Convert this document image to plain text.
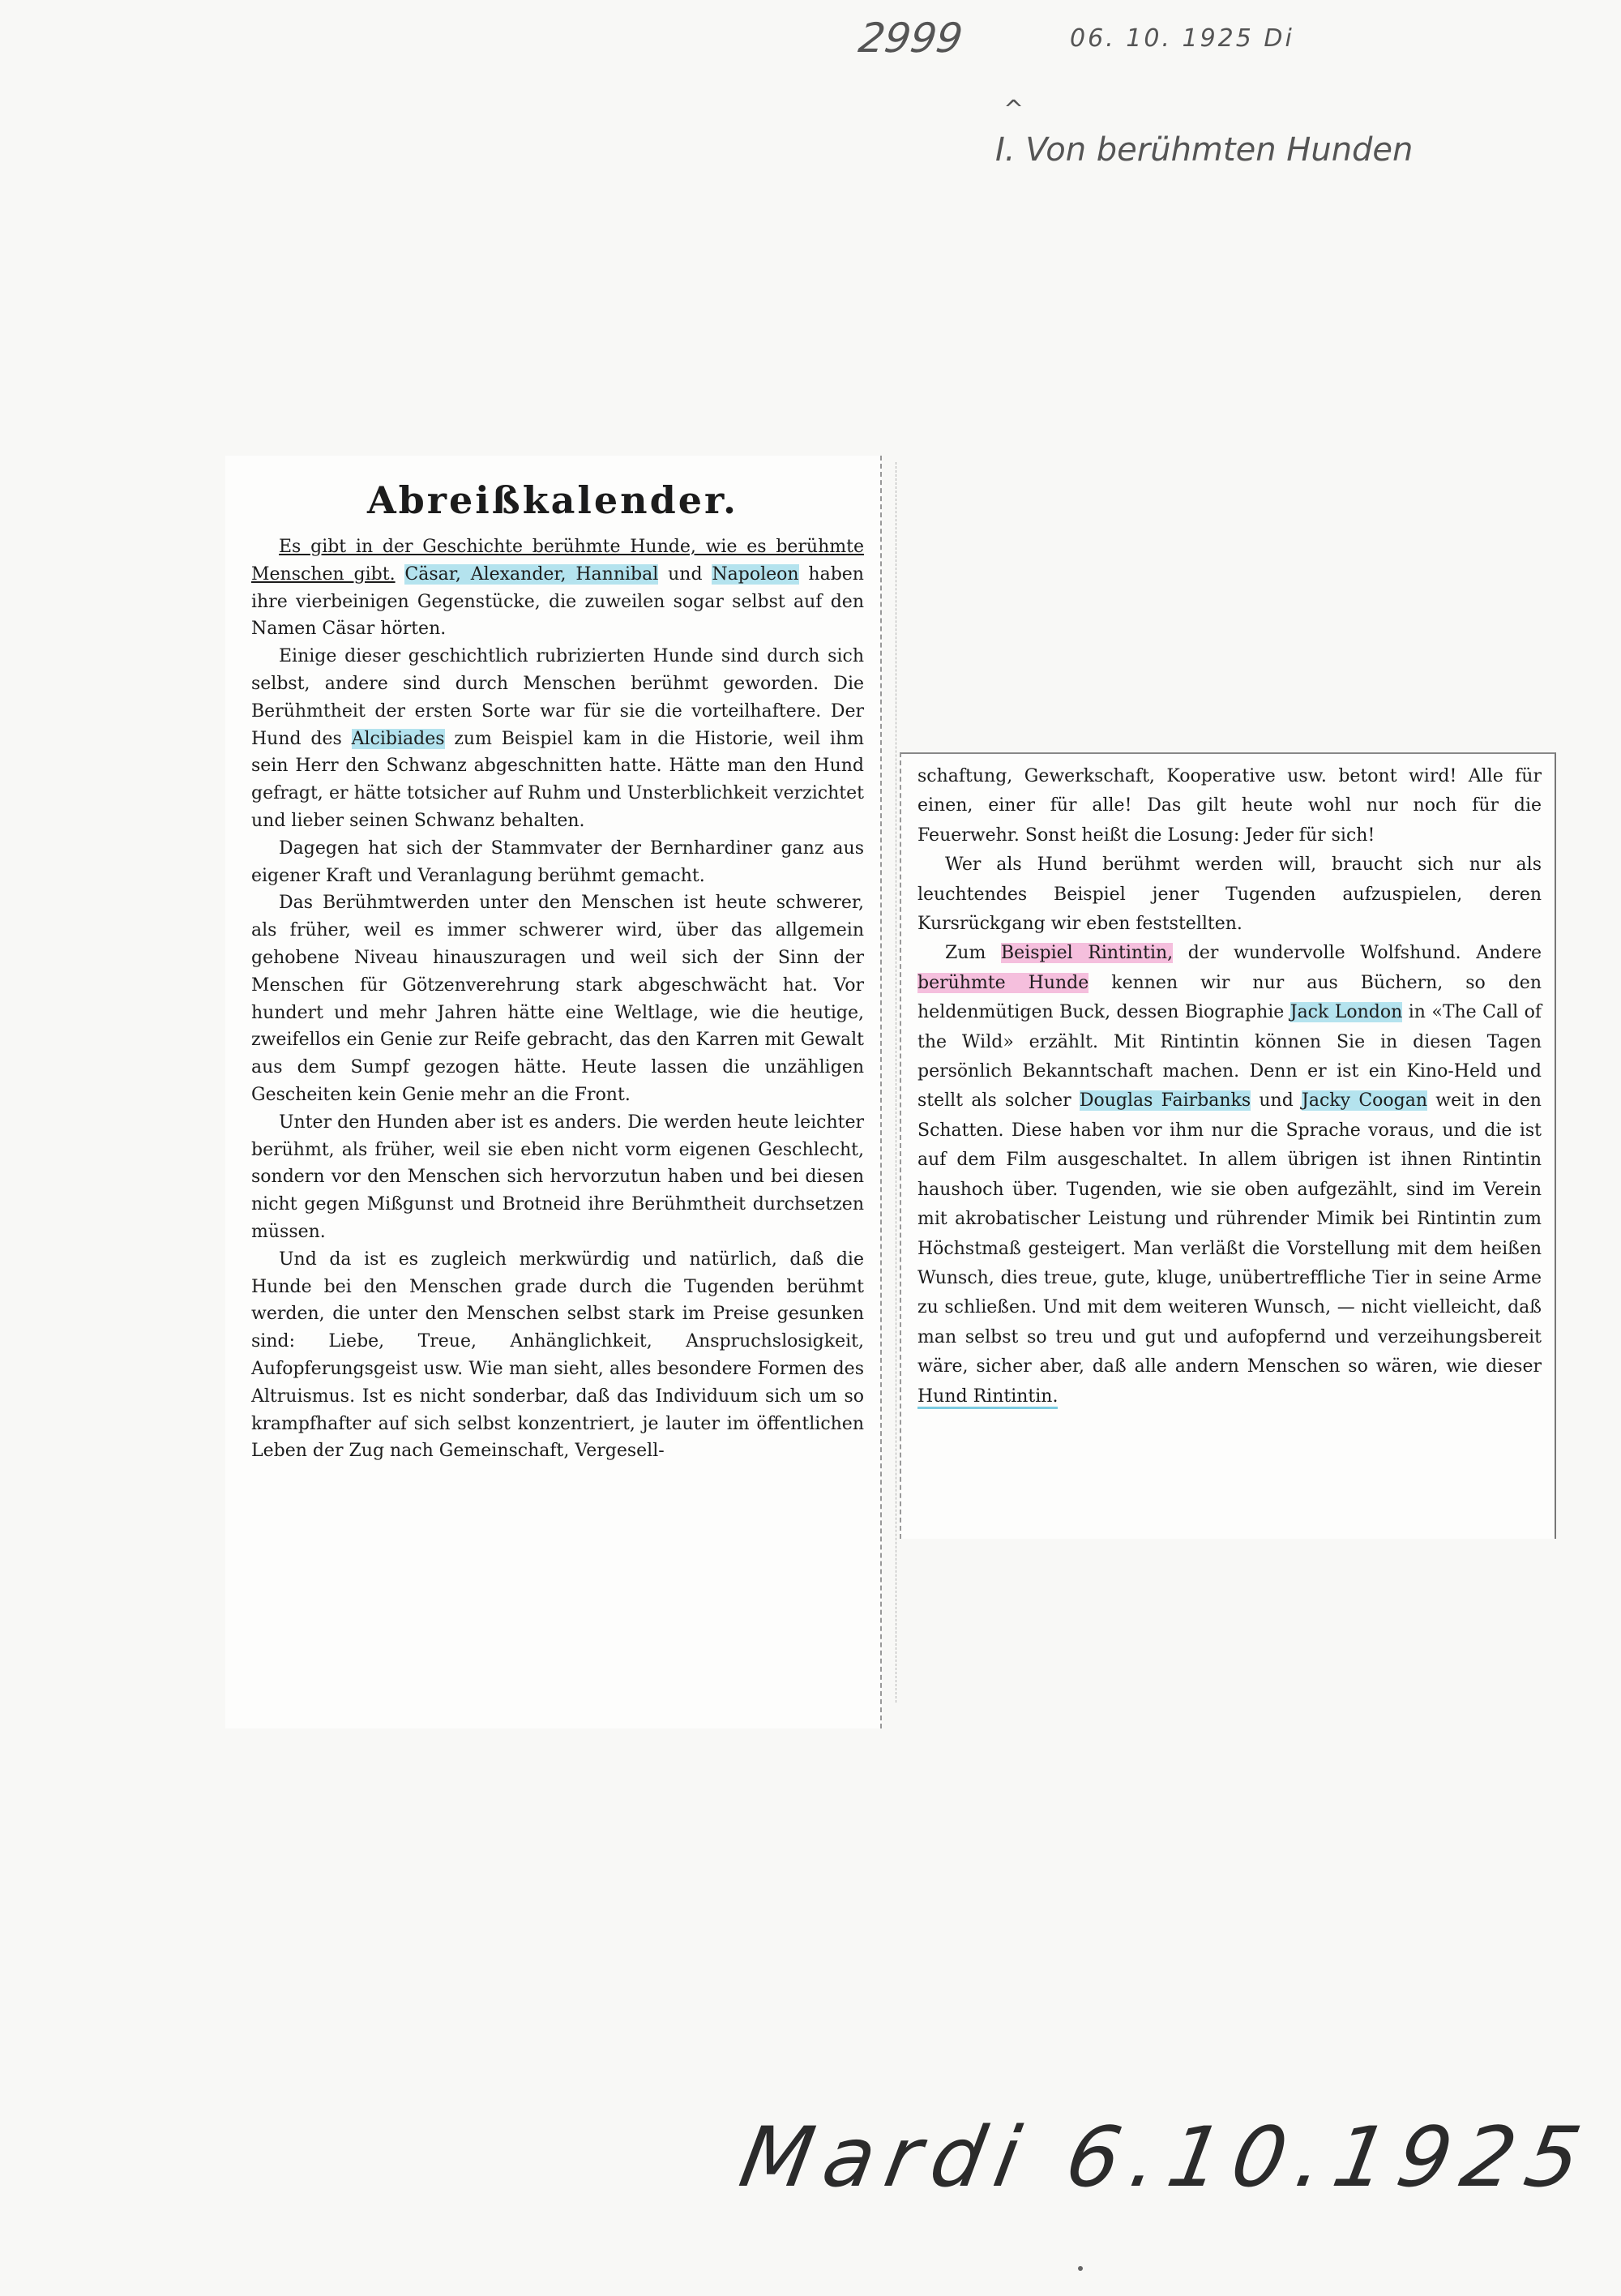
2999	06. 10. 1925 Di
^
I. Von berühmten Hunden
Abreißkalender.

Es gibt in der Geschichte berühmte Hunde, wie es berühmte Menschen gibt. Cäsar, Alexander, Hannibal und Napoleon haben ihre vierbeinigen Gegenstücke, die zuweilen sogar selbst auf den Namen Cäsar hörten.

Einige dieser geschichtlich rubrizierten Hunde sind durch sich selbst, andere sind durch Menschen berühmt geworden. Die Berühmtheit der ersten Sorte war für sie die vorteilhaftere. Der Hund des Alcibiades zum Beispiel kam in die Historie, weil ihm sein Herr den Schwanz abgeschnitten hatte. Hätte man den Hund gefragt, er hätte totsicher auf Ruhm und Unsterblichkeit verzichtet und lieber seinen Schwanz behalten.

Dagegen hat sich der Stammvater der Bernhardiner ganz aus eigener Kraft und Veranlagung berühmt gemacht.

Das Berühmtwerden unter den Menschen ist heute schwerer, als früher, weil es immer schwerer wird, über das allgemein gehobene Niveau hinauszuragen und weil sich der Sinn der Menschen für Götzenverehrung stark abgeschwächt hat. Vor hundert und mehr Jahren hätte eine Weltlage, wie die heutige, zweifellos ein Genie zur Reife gebracht, das den Karren mit Gewalt aus dem Sumpf gezogen hätte. Heute lassen die unzähligen Gescheiten kein Genie mehr an die Front.

Unter den Hunden aber ist es anders. Die werden heute leichter berühmt, als früher, weil sie eben nicht vorm eigenen Geschlecht, sondern vor den Menschen sich hervorzutun haben und bei diesen nicht gegen Mißgunst und Brotneid ihre Berühmtheit durchsetzen müssen.

Und da ist es zugleich merkwürdig und natürlich, daß die Hunde bei den Menschen grade durch die Tugenden berühmt werden, die unter den Menschen selbst stark im Preise gesunken sind: Liebe, Treue, Anhänglichkeit, Anspruchslosigkeit, Aufopferungsgeist usw. Wie man sieht, alles besondere Formen des Altruismus. Ist es nicht sonderbar, daß das Individuum sich um so krampfhafter auf sich selbst konzentriert, je lauter im öffentlichen Leben der Zug nach Gemeinschaft, Vergesell-

schaftung, Gewerkschaft, Kooperative usw. betont wird! Alle für einen, einer für alle! Das gilt heute wohl nur noch für die Feuerwehr. Sonst heißt die Losung: Jeder für sich!

Wer als Hund berühmt werden will, braucht sich nur als leuchtendes Beispiel jener Tugenden aufzuspielen, deren Kursrückgang wir eben feststellten.

Zum Beispiel Rintintin, der wundervolle Wolfshund. Andere berühmte Hunde kennen wir nur aus Büchern, so den heldenmütigen Buck, dessen Biographie Jack London in «The Call of the Wild» erzählt. Mit Rintintin können Sie in diesen Tagen persönlich Bekanntschaft machen. Denn er ist ein Kino-Held und stellt als solcher Douglas Fairbanks und Jacky Coogan weit in den Schatten. Diese haben vor ihm nur die Sprache voraus, und die ist auf dem Film ausgeschaltet. In allem übrigen ist ihnen Rintintin haushoch über. Tugenden, wie sie oben aufgezählt, sind im Verein mit akrobatischer Leistung und rührender Mimik bei Rintintin zum Höchstmaß gesteigert. Man verläßt die Vorstellung mit dem heißen Wunsch, dies treue, gute, kluge, unübertreffliche Tier in seine Arme zu schließen. Und mit dem weiteren Wunsch, — nicht vielleicht, daß man selbst so treu und gut und aufopfernd und verzeihungsbereit wäre, sicher aber, daß alle andern Menschen so wären, wie dieser Hund Rintintin.

Mardi 6.10.1925
